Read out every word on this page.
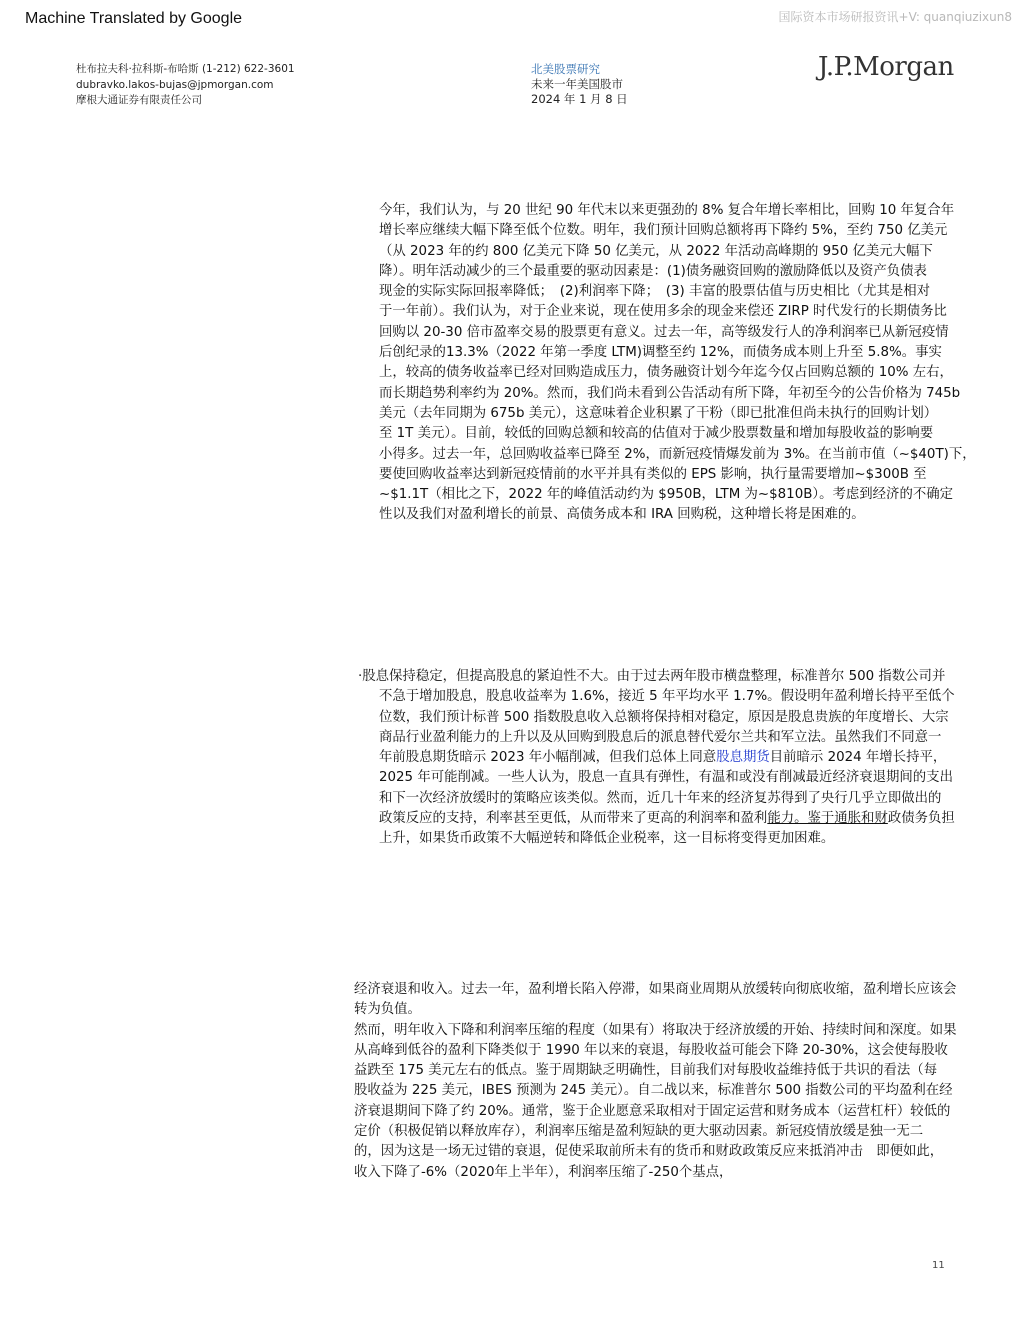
Machine Translated by Google	国际资本市场研报资讯+V: quanqiuzixun8
杜布拉夫科·拉科斯-布哈斯 (1-212) 622-3601
dubravko.lakos-bujas@jpmorgan.com
摩根大通证券有限责任公司
北美股票研究
未来一年美国股市
2024 年 1 月 8 日
J.P.Morgan
今年，我们认为，与 20 世纪 90 年代末以来更强劲的 8% 复合年增长率相比，回购 10 年复合年
增长率应继续大幅下降至低个位数。明年，我们预计回购总额将再下降约 5%，至约 750 亿美元
（从 2023 年的约 800 亿美元下降 50 亿美元，从 2022 年活动高峰期的 950 亿美元大幅下
降）。明年活动减少的三个最重要的驱动因素是：(1)债务融资回购的激励降低以及资产负债表
现金的实际实际回报率降低；　(2)利润率下降；　(3) 丰富的股票估值与历史相比（尤其是相对
于一年前）。我们认为，对于企业来说，现在使用多余的现金来偿还 ZIRP 时代发行的长期债务比
回购以 20-30 倍市盈率交易的股票更有意义。过去一年，高等级发行人的净利润率已从新冠疫情
后创纪录的13.3%（2022 年第一季度 LTM)调整至约 12%，而债务成本则上升至 5.8%。事实
上，较高的债务收益率已经对回购造成压力，债务融资计划今年迄今仅占回购总额的 10% 左右，
而长期趋势利率约为 20%。然而，我们尚未看到公告活动有所下降，年初至今的公告价格为 745b
美元（去年同期为 675b 美元），这意味着企业积累了干粉（即已批准但尚未执行的回购计划）
至 1T 美元）。目前，较低的回购总额和较高的估值对于减少股票数量和增加每股收益的影响要
小得多。过去一年，总回购收益率已降至 2%，而新冠疫情爆发前为 3%。在当前市值（~$40T)下，
要使回购收益率达到新冠疫情前的水平并具有类似的 EPS 影响，执行量需要增加~$300B 至
~$1.1T（相比之下，2022 年的峰值活动约为 $950B，LTM 为~$810B）。考虑到经济的不确定
性以及我们对盈利增长的前景、高债务成本和 IRA 回购税，这种增长将是困难的。
·股息保持稳定，但提高股息的紧迫性不大。由于过去两年股市横盘整理，标准普尔 500 指数公司并
不急于增加股息，股息收益率为 1.6%，接近 5 年平均水平 1.7%。假设明年盈利增长持平至低个
位数，我们预计标普 500 指数股息收入总额将保持相对稳定，原因是股息贵族的年度增长、大宗
商品行业盈利能力的上升以及从回购到股息后的派息替代爱尔兰共和军立法。虽然我们不同意一
年前股息期货暗示 2023 年小幅削减，但我们总体上同意股息期货目前暗示 2024 年增长持平，
2025 年可能削减。一些人认为，股息一直具有弹性，有温和或没有削减最近经济衰退期间的支出
和下一次经济放缓时的策略应该类似。然而，近几十年来的经济复苏得到了央行几乎立即做出的
政策反应的支持，利率甚至更低，从而带来了更高的利润率和盈利能力。鉴于通胀和财政债务负担
上升，如果货币政策不大幅逆转和降低企业税率，这一目标将变得更加困难。
经济衰退和收入。过去一年，盈利增长陷入停滞，如果商业周期从放缓转向彻底收缩，盈利增长应该会
转为负值。
然而，明年收入下降和利润率压缩的程度（如果有）将取决于经济放缓的开始、持续时间和深度。如果
从高峰到低谷的盈利下降类似于 1990 年以来的衰退，每股收益可能会下降 20-30%，这会使每股收
益跌至 175 美元左右的低点。鉴于周期缺乏明确性，目前我们对每股收益维持低于共识的看法（每
股收益为 225 美元，IBES 预测为 245 美元）。自二战以来，标准普尔 500 指数公司的平均盈利在经
济衰退期间下降了约 20%。通常，鉴于企业愿意采取相对于固定运营和财务成本（运营杠杆）较低的
定价（积极促销以释放库存），利润率压缩是盈利短缺的更大驱动因素。新冠疫情放缓是独一无二
的，因为这是一场无过错的衰退，促使采取前所未有的货币和财政政策反应来抵消冲击　即便如此，
收入下降了-6%（2020年上半年），利润率压缩了-250个基点，
11
